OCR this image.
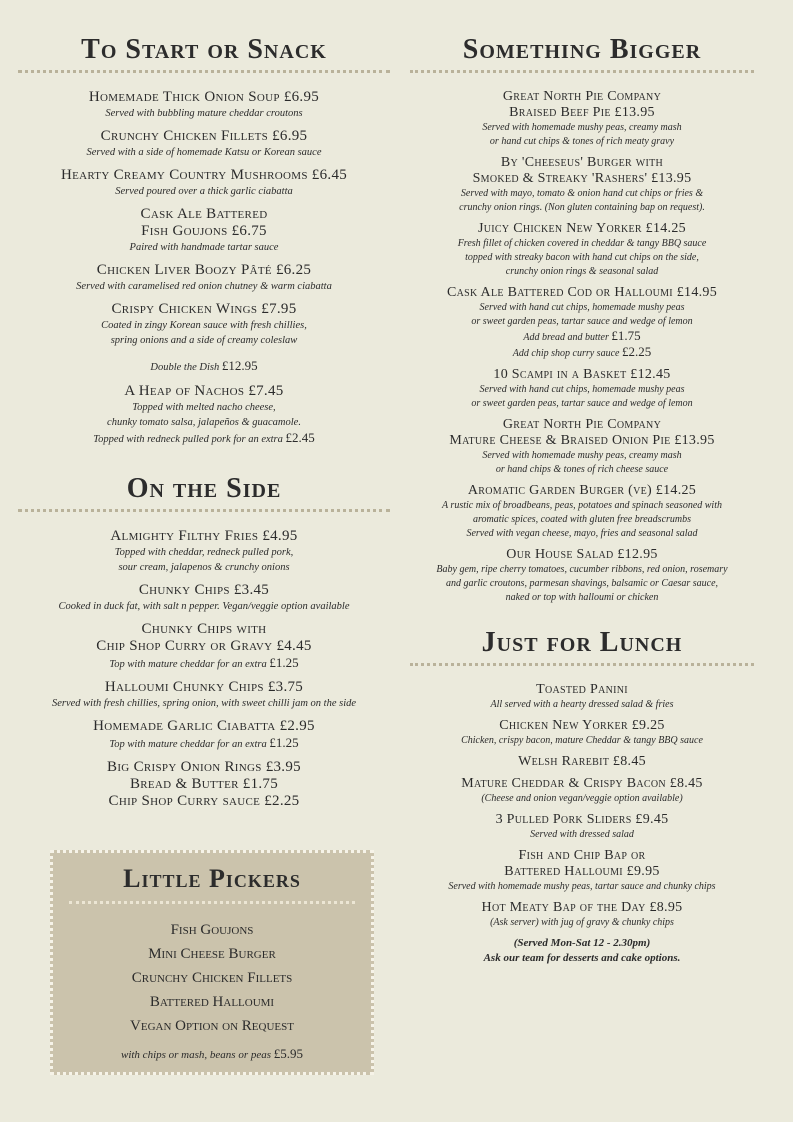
To Start or Snack
Homemade Thick Onion Soup £6.95
Served with bubbling mature cheddar croutons
Crunchy Chicken Fillets £6.95
Served with a side of homemade Katsu or Korean sauce
Hearty Creamy Country Mushrooms £6.45
Served poured over a thick garlic ciabatta
Cask Ale Battered
Fish Goujons £6.75
Paired with handmade tartar sauce
Chicken Liver Boozy Pâté £6.25
Served with caramelised red onion chutney & warm ciabatta
Crispy Chicken Wings £7.95
Coated in zingy Korean sauce with fresh chillies,
spring onions and a side of creamy coleslaw
Double the Dish £12.95
A Heap of Nachos £7.45
Topped with melted nacho cheese,
chunky tomato salsa, jalapeños & guacamole.
Topped with redneck pulled pork for an extra £2.45
On the Side
Almighty Filthy Fries £4.95
Topped with cheddar, redneck pulled pork,
sour cream, jalapenos & crunchy onions
Chunky Chips £3.45
Cooked in duck fat, with salt n pepper. Vegan/veggie option available
Chunky Chips with
Chip Shop Curry or Gravy £4.45
Top with mature cheddar for an extra £1.25
Halloumi Chunky Chips £3.75
Served with fresh chillies, spring onion, with sweet chilli jam on the side
Homemade Garlic Ciabatta £2.95
Top with mature cheddar for an extra £1.25
Big Crispy Onion Rings £3.95
Bread & Butter £1.75
Chip Shop Curry sauce £2.25
Little Pickers
Fish Goujons
Mini Cheese Burger
Crunchy Chicken Fillets
Battered Halloumi
Vegan Option on Request
with chips or mash, beans or peas £5.95
Something Bigger
Great North Pie Company
Braised Beef Pie £13.95
Served with homemade mushy peas, creamy mash
or hand cut chips & tones of rich meaty gravy
By 'Cheeseus' Burger with
Smoked & Streaky 'Rashers' £13.95
Served with mayo, tomato & onion hand cut chips or fries &
crunchy onion rings. (Non gluten containing bap on request).
Juicy Chicken New Yorker £14.25
Fresh fillet of chicken covered in cheddar & tangy BBQ sauce
topped with streaky bacon with hand cut chips on the side,
crunchy onion rings & seasonal salad
Cask Ale Battered Cod or Halloumi £14.95
Served with hand cut chips, homemade mushy peas
or sweet garden peas, tartar sauce and wedge of lemon
Add bread and butter £1.75
Add chip shop curry sauce £2.25
10 Scampi in a Basket £12.45
Served with hand cut chips, homemade mushy peas
or sweet garden peas, tartar sauce and wedge of lemon
Great North Pie Company
Mature Cheese & Braised Onion Pie £13.95
Served with homemade mushy peas, creamy mash
or hand chips & tones of rich cheese sauce
Aromatic Garden Burger (ve) £14.25
A rustic mix of broadbeans, peas, potatoes and spinach seasoned with
aromatic spices, coated with gluten free breadscrumbs
Served with vegan cheese, mayo, fries and seasonal salad
Our House Salad £12.95
Baby gem, ripe cherry tomatoes, cucumber ribbons, red onion, rosemary
and garlic croutons, parmesan shavings, balsamic or Caesar sauce,
naked or top with halloumi or chicken
Just for Lunch
Toasted Panini
All served with a hearty dressed salad & fries
Chicken New Yorker £9.25
Chicken, crispy bacon, mature Cheddar & tangy BBQ sauce
Welsh Rarebit £8.45
Mature Cheddar & Crispy Bacon £8.45
(Cheese and onion vegan/veggie option available)
3 Pulled Pork Sliders £9.45
Served with dressed salad
Fish and Chip Bap or
Battered Halloumi £9.95
Served with homemade mushy peas, tartar sauce and chunky chips
Hot Meaty Bap of the Day £8.95
(Ask server) with jug of gravy & chunky chips
(Served Mon-Sat 12 - 2.30pm)
Ask our team for desserts and cake options.
